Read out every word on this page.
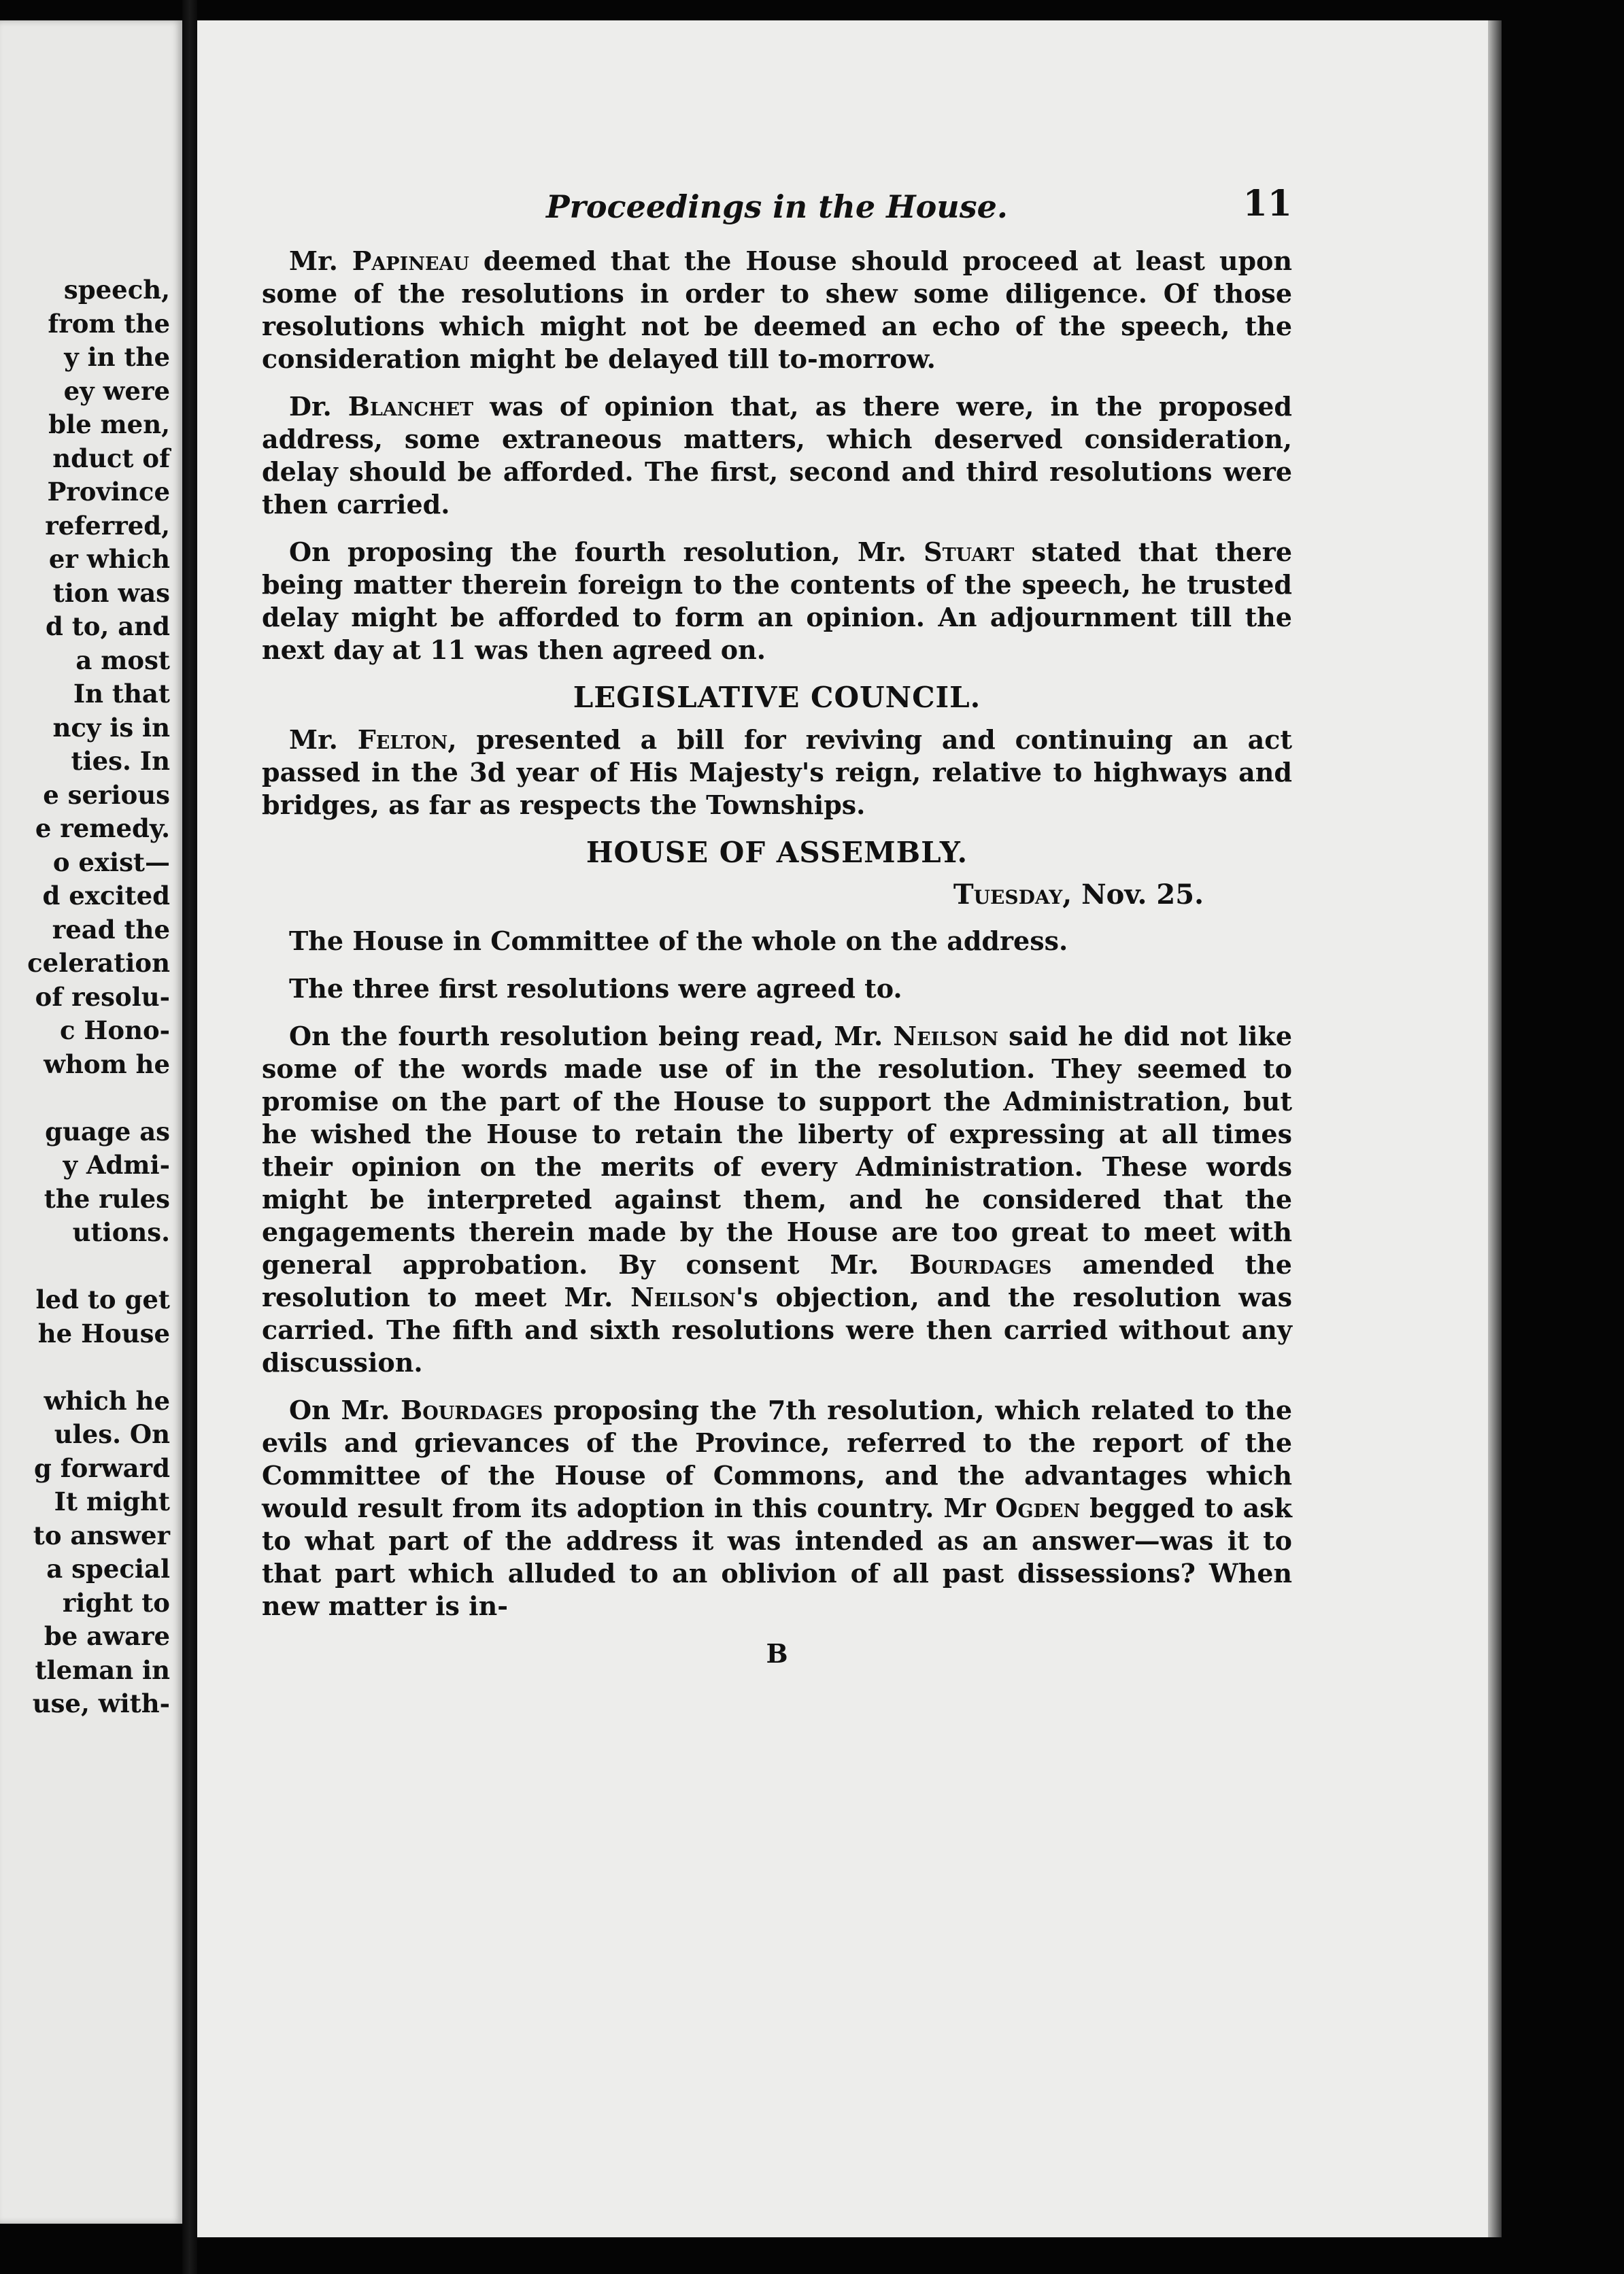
speech,
from the
y in the
ey were
ble men,
nduct of
Province
referred,
er which
tion was
d to, and
a most
In that
ncy is in
ties. In
e serious
e remedy.
o exist—
d excited
read the
celeration
of resolu-
c Hono-
whom he
guage as
y Admi-
the rules
utions.
led to get
he House
which he
ules. On
g forward
It might
to answer
a special
right to
be aware
tleman in
use, with-
Proceedings in the House.	11

Mr. Papineau deemed that the House should proceed at least upon some of the resolutions in order to shew some diligence. Of those resolutions which might not be deemed an echo of the speech, the consideration might be delayed till to-morrow.

Dr. Blanchet was of opinion that, as there were, in the proposed address, some extraneous matters, which deserved consideration, delay should be afforded. The first, second and third resolutions were then carried.

On proposing the fourth resolution, Mr. Stuart stated that there being matter therein foreign to the contents of the speech, he trusted delay might be afforded to form an opinion. An adjournment till the next day at 11 was then agreed on.

LEGISLATIVE COUNCIL.

Mr. Felton, presented a bill for reviving and continuing an act passed in the 3d year of His Majesty's reign, relative to highways and bridges, as far as respects the Townships.

HOUSE OF ASSEMBLY.
Tuesday, Nov. 25.

The House in Committee of the whole on the address.

The three first resolutions were agreed to.

On the fourth resolution being read, Mr. Neilson said he did not like some of the words made use of in the resolution. They seemed to promise on the part of the House to support the Administration, but he wished the House to retain the liberty of expressing at all times their opinion on the merits of every Administration. These words might be interpreted against them, and he considered that the engagements therein made by the House are too great to meet with general approbation. By consent Mr. Bourdages amended the resolution to meet Mr. Neilson's objection, and the resolution was carried. The fifth and sixth resolutions were then carried without any discussion.

On Mr. Bourdages proposing the 7th resolution, which related to the evils and grievances of the Province, referred to the report of the Committee of the House of Commons, and the advantages which would result from its adoption in this country. Mr Ogden begged to ask to what part of the address it was intended as an answer—was it to that part which alluded to an oblivion of all past dissessions? When new matter is in-

B
